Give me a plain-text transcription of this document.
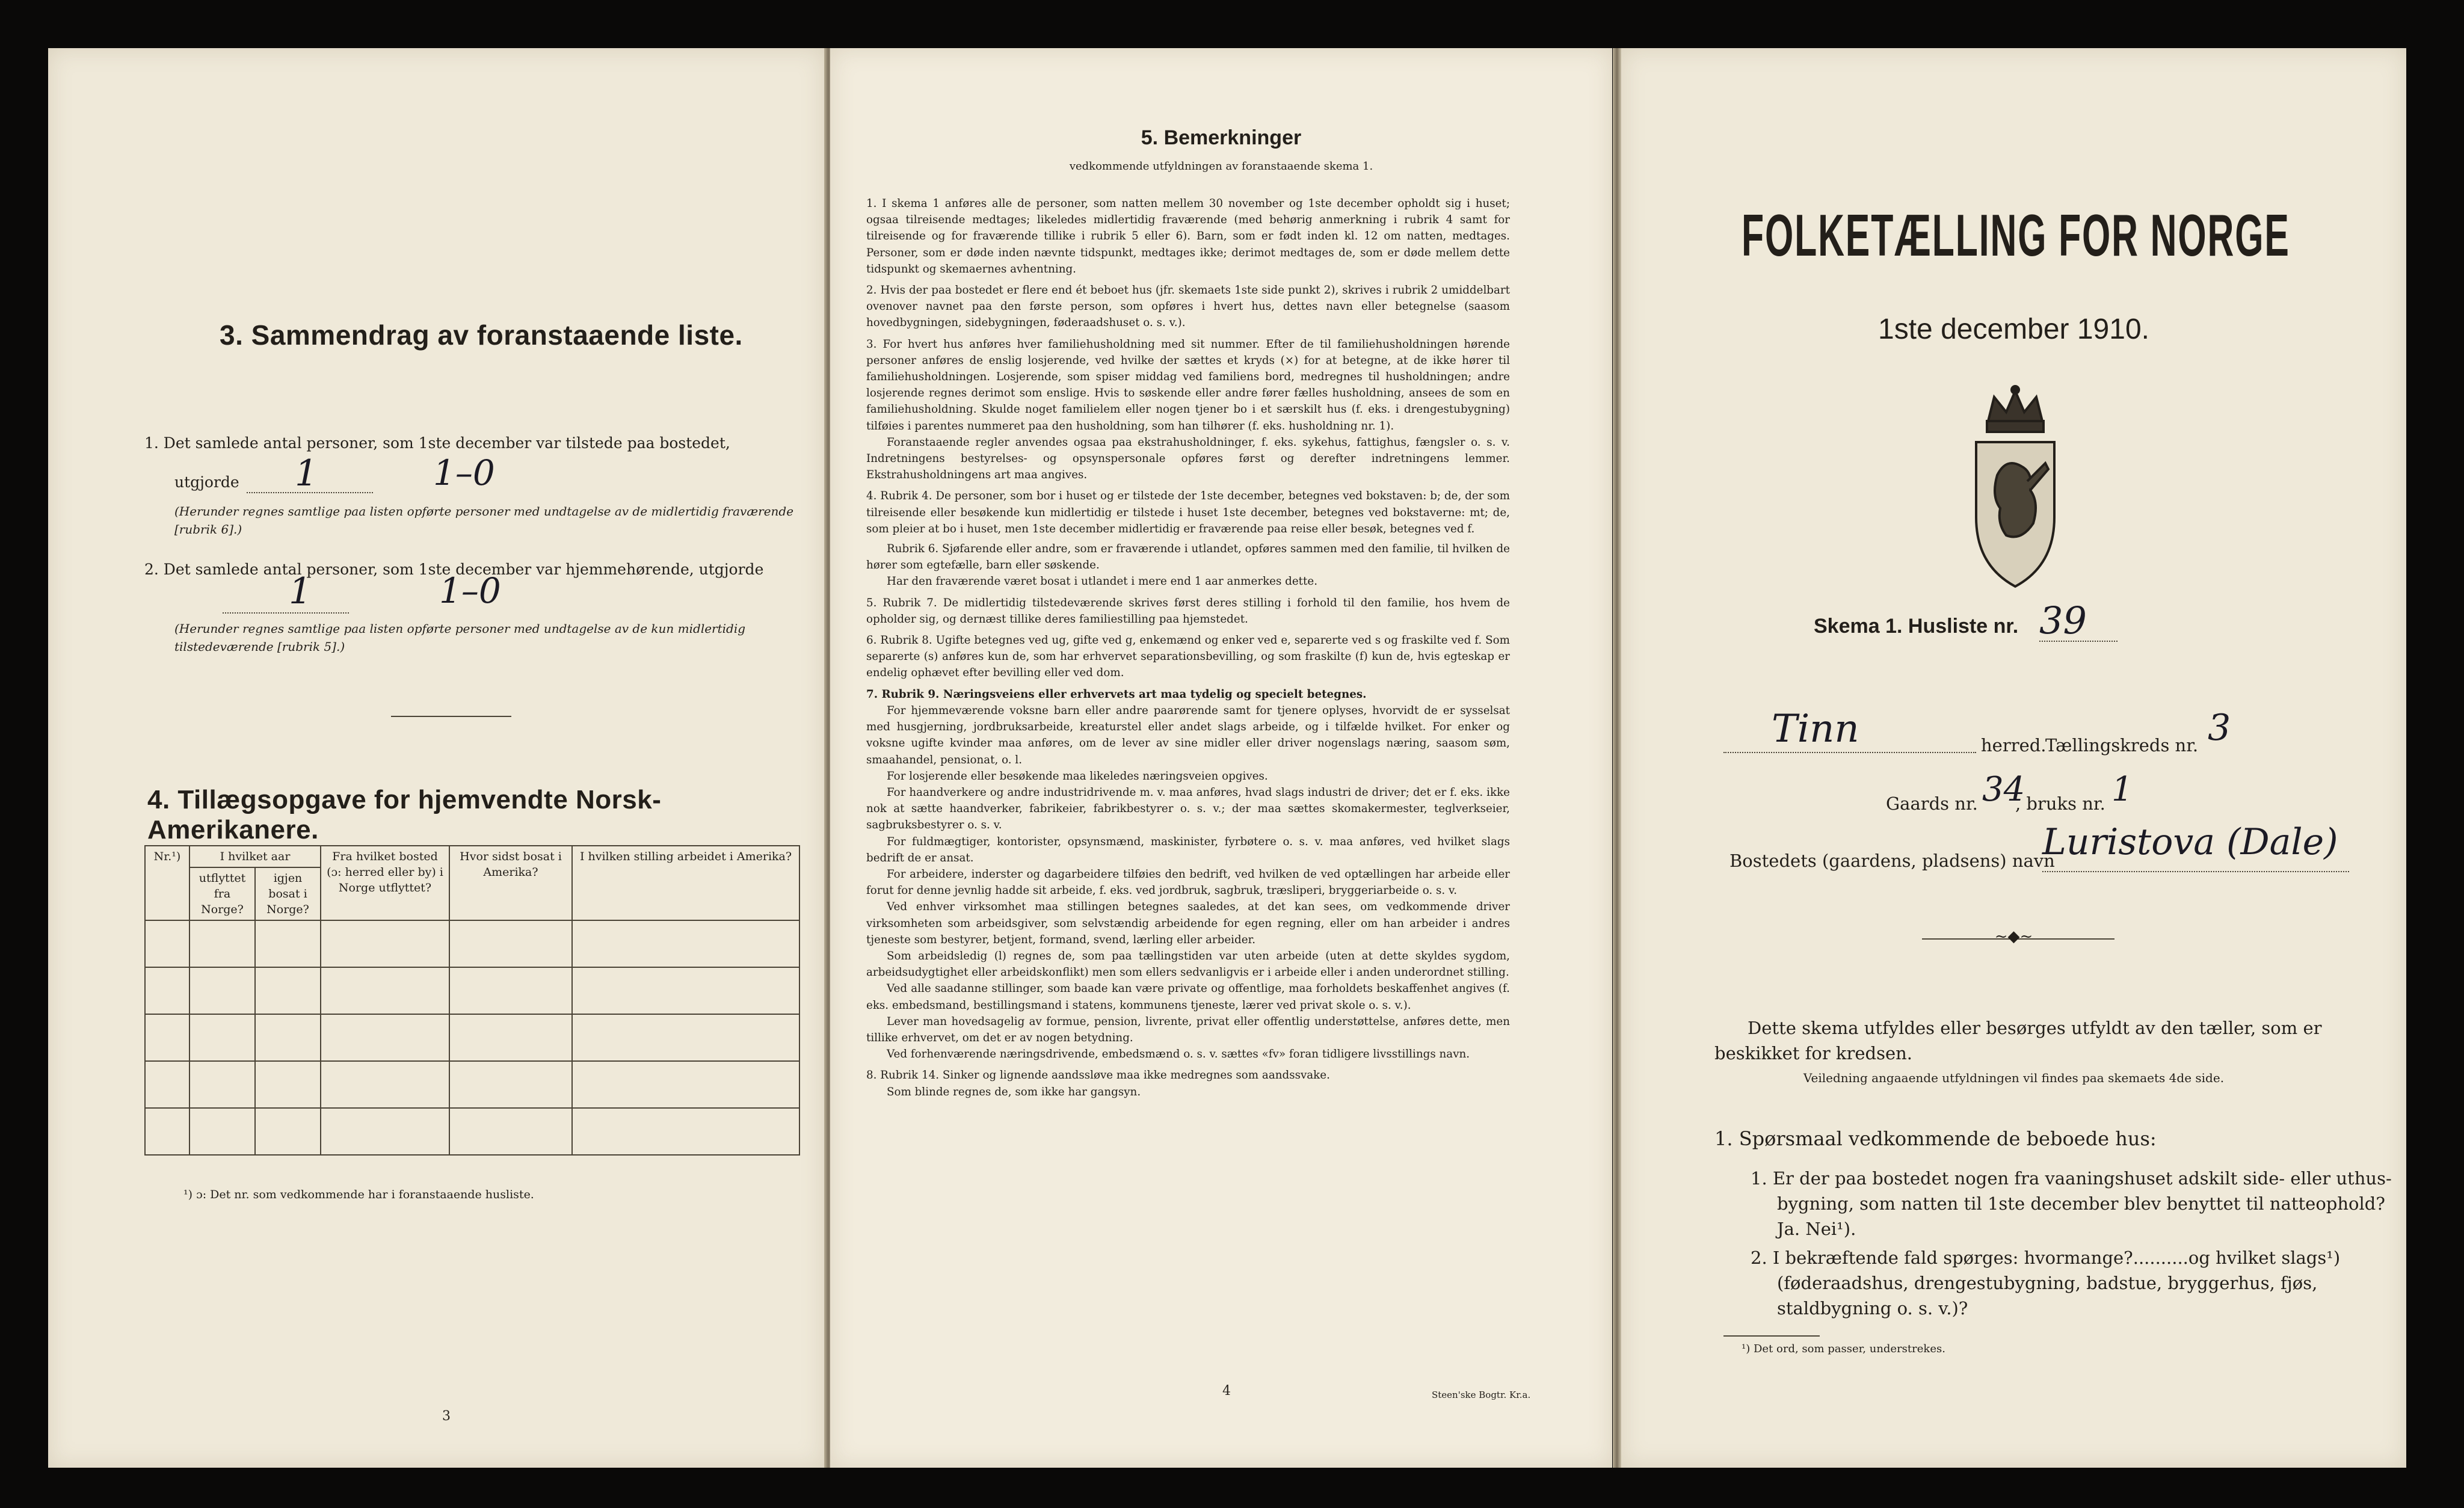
3. Sammendrag av foranstaaende liste.
1. Det samlede antal personer, som 1ste december var tilstede paa bostedet,
utgjorde 1	1–0
(Herunder regnes samtlige paa listen opførte personer med undtagelse av de midlertidig fraværende [rubrik 6].)
2. Det samlede antal personer, som 1ste december var hjemmehørende, utgjorde
1	1–0
(Herunder regnes samtlige paa listen opførte personer med undtagelse av de kun midlertidig tilstedeværende [rubrik 5].)
4. Tillægsopgave for hjemvendte Norsk-Amerikanere.
Nr.¹)	I hvilket aar		Fra hvilket bosted (ɔ: herred eller by) i Norge utflyttet?	Hvor sidst bosat i Amerika?	I hvilken stilling arbeidet i Amerika?
	utflyttet fra Norge?	igjen bosat i Norge?			

¹) ɔ: Det nr. som vedkommende har i foranstaaende husliste.
3
5. Bemerkninger
vedkommende utfyldningen av foranstaaende skema 1.

1. I skema 1 anføres alle de personer, som natten mellem 30 november og 1ste december opholdt sig i huset; ogsaa tilreisende medtages; likeledes midlertidig fraværende (med behørig anmerkning i rubrik 4 samt for tilreisende og for fraværende tillike i rubrik 5 eller 6). Barn, som er født inden kl. 12 om natten, medtages. Personer, som er døde inden nævnte tidspunkt, medtages ikke; derimot medtages de, som er døde mellem dette tidspunkt og skemaernes avhentning.

2. Hvis der paa bostedet er flere end ét beboet hus (jfr. skemaets 1ste side punkt 2), skrives i rubrik 2 umiddelbart ovenover navnet paa den første person, som opføres i hvert hus, dettes navn eller betegnelse (saasom hovedbygningen, sidebygningen, føderaadshuset o. s. v.).

3. For hvert hus anføres hver familiehusholdning med sit nummer. Efter de til familiehusholdningen hørende personer anføres de enslig losjerende, ved hvilke der sættes et kryds (×) for at betegne, at de ikke hører til familiehusholdningen. Losjerende, som spiser middag ved familiens bord, medregnes til husholdningen; andre losjerende regnes derimot som enslige. Hvis to søskende eller andre fører fælles husholdning, ansees de som en familiehusholdning. Skulde noget familielem eller nogen tjener bo i et særskilt hus (f. eks. i drengestubygning) tilføies i parentes nummeret paa den husholdning, som han tilhører (f. eks. husholdning nr. 1).

Foranstaaende regler anvendes ogsaa paa ekstrahusholdninger, f. eks. sykehus, fattighus, fængsler o. s. v. Indretningens bestyrelses- og opsynspersonale opføres først og derefter indretningens lemmer. Ekstrahusholdningens art maa angives.

4. Rubrik 4. De personer, som bor i huset og er tilstede der 1ste december, betegnes ved bokstaven: b; de, der som tilreisende eller besøkende kun midlertidig er tilstede i huset 1ste december, betegnes ved bokstaverne: mt; de, som pleier at bo i huset, men 1ste december midlertidig er fraværende paa reise eller besøk, betegnes ved f.

Rubrik 6. Sjøfarende eller andre, som er fraværende i utlandet, opføres sammen med den familie, til hvilken de hører som egtefælle, barn eller søskende.

Har den fraværende været bosat i utlandet i mere end 1 aar anmerkes dette.

5. Rubrik 7. De midlertidig tilstedeværende skrives først deres stilling i forhold til den familie, hos hvem de opholder sig, og dernæst tillike deres familiestilling paa hjemstedet.

6. Rubrik 8. Ugifte betegnes ved ug, gifte ved g, enkemænd og enker ved e, separerte ved s og fraskilte ved f. Som separerte (s) anføres kun de, som har erhvervet separationsbevilling, og som fraskilte (f) kun de, hvis egteskap er endelig ophævet efter bevilling eller ved dom.

7. Rubrik 9. Næringsveiens eller erhvervets art maa tydelig og specielt betegnes.

For hjemmeværende voksne barn eller andre paarørende samt for tjenere oplyses, hvorvidt de er sysselsat med husgjerning, jordbruksarbeide, kreaturstel eller andet slags arbeide, og i tilfælde hvilket. For enker og voksne ugifte kvinder maa anføres, om de lever av sine midler eller driver nogenslags næring, saasom søm, smaahandel, pensionat, o. l.

For losjerende eller besøkende maa likeledes næringsveien opgives.

For haandverkere og andre industridrivende m. v. maa anføres, hvad slags industri de driver; det er f. eks. ikke nok at sætte haandverker, fabrikeier, fabrikbestyrer o. s. v.; der maa sættes skomakermester, teglverkseier, sagbruksbestyrer o. s. v.

For fuldmægtiger, kontorister, opsynsmænd, maskinister, fyrbøtere o. s. v. maa anføres, ved hvilket slags bedrift de er ansat.

For arbeidere, inderster og dagarbeidere tilføies den bedrift, ved hvilken de ved optællingen har arbeide eller forut for denne jevnlig hadde sit arbeide, f. eks. ved jordbruk, sagbruk, træsliperi, bryggeriarbeide o. s. v.

Ved enhver virksomhet maa stillingen betegnes saaledes, at det kan sees, om vedkommende driver virksomheten som arbeidsgiver, som selvstændig arbeidende for egen regning, eller om han arbeider i andres tjeneste som bestyrer, betjent, formand, svend, lærling eller arbeider.

Som arbeidsledig (l) regnes de, som paa tællingstiden var uten arbeide (uten at dette skyldes sygdom, arbeidsudygtighet eller arbeidskonflikt) men som ellers sedvanligvis er i arbeide eller i anden underordnet stilling.

Ved alle saadanne stillinger, som baade kan være private og offentlige, maa forholdets beskaffenhet angives (f. eks. embedsmand, bestillingsmand i statens, kommunens tjeneste, lærer ved privat skole o. s. v.).

Lever man hovedsagelig av formue, pension, livrente, privat eller offentlig understøttelse, anføres dette, men tillike erhvervet, om det er av nogen betydning.

Ved forhenværende næringsdrivende, embedsmænd o. s. v. sættes «fv» foran tidligere livsstillings navn.

8. Rubrik 14. Sinker og lignende aandssløve maa ikke medregnes som aandssvake.

Som blinde regnes de, som ikke har gangsyn.

4	Steen'ske Bogtr. Kr.a.
FOLKETÆLLING FOR NORGE
1ste december 1910.
Skema 1. Husliste nr. 39
Tinn	herred.
Tællingskreds nr. 3
Gaards nr. 34
, bruks nr. 1
Bostedets (gaardens, pladsens) navn
Luristova (Dale)
~◆~
Dette skema utfyldes eller besørges utfyldt av den tæller, som er beskikket for kredsen.
Veiledning angaaende utfyldningen vil findes paa skemaets 4de side.
1. Spørsmaal vedkommende de beboede hus:
1. Er der paa bostedet nogen fra vaaningshuset adskilt side- eller uthus-bygning, som natten til 1ste december blev benyttet til natteophold? Ja. Nei¹).
2. I bekræftende fald spørges: hvormange?..........og hvilket slags¹) (føderaadshus, drengestubygning, badstue, bryggerhus, fjøs, staldbygning o. s. v.)?
¹) Det ord, som passer, understrekes.
